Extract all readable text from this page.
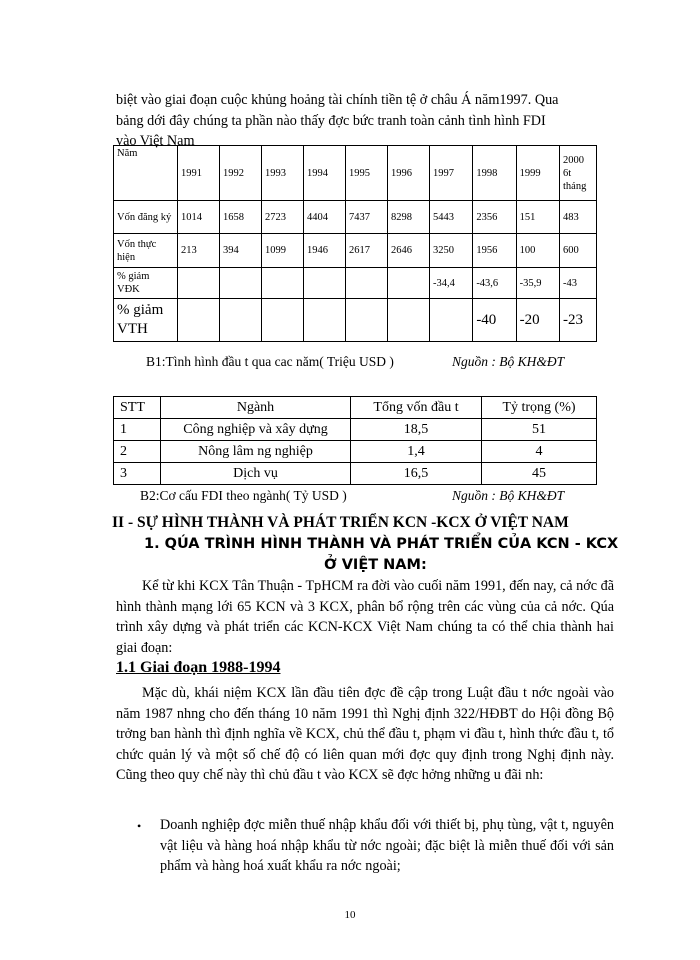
biệt vào giai đoạn cuộc khủng hoảng tài chính tiền tệ ở châu Á năm1997. Qua
bảng dới đây chúng ta phần nào thấy đợc bức tranh toàn cảnh tình hình FDI
vào Việt Nam
Năm	1991	1992	1993	1994	1995	1996	1997	1998	1999	2000 6t tháng
Vốn đăng ký	1014	1658	2723	4404	7437	8298	5443	2356	151	483
Vốn thực hiện	213	394	1099	1946	2617	2646	3250	1956	100	600
% giảm VĐK							-34,4	-43,6	-35,9	-43
% giảm VTH								-40	-20	-23
B1:Tình hình đầu t qua cac năm( Triệu USD )	Nguồn : Bộ KH&ĐT
STT	Ngành	Tổng vốn đầu t	Tỷ trọng (%)
1	Công nghiệp và xây dựng	18,5	51
2	Nông lâm ng nghiệp	1,4	4
3	Dịch vụ	16,5	45
B2:Cơ cấu FDI theo ngành( Tỷ USD )	Nguồn : Bộ KH&ĐT
II - SỰ HÌNH THÀNH VÀ PHÁT TRIỂN KCN -KCX Ở VIỆT NAM
1. QÚA TRÌNH HÌNH THÀNH VÀ PHÁT TRIỂN CỦA KCN - KCX
Ở VIỆT NAM:

Kể từ khi KCX Tân Thuận - TpHCM ra đời vào cuối năm 1991, đến nay, cả nớc đã hình thành mạng lới 65 KCN và 3 KCX, phân bổ rộng trên các vùng của cả nớc. Qúa trình xây dựng và phát triển các KCN-KCX Việt Nam chúng ta có thể chia thành hai giai đoạn:

1.1 Giai đoạn 1988-1994

Mặc dù, khái niệm KCX lần đầu tiên đợc đề cập trong Luật đầu t nớc ngoài vào năm 1987 nhng cho đến tháng 10 năm 1991 thì Nghị định 322/HĐBT do Hội đồng Bộ trởng ban hành thì định nghĩa về KCX, chủ thể đầu t, phạm vi đầu t, hình thức đầu t, tổ chức quản lý và một số chế độ có liên quan mới đợc quy định trong Nghị định này. Cũng theo quy chế này thì chủ đầu t vào KCX sẽ đợc hởng những u đãi nh:

• Doanh nghiệp đợc miễn thuế nhập khẩu đối với thiết bị, phụ tùng, vật t, nguyên vật liệu và hàng hoá nhập khẩu từ nớc ngoài; đặc biệt là miễn thuế đối với sản phẩm và hàng hoá xuất khẩu ra nớc ngoài;

10
